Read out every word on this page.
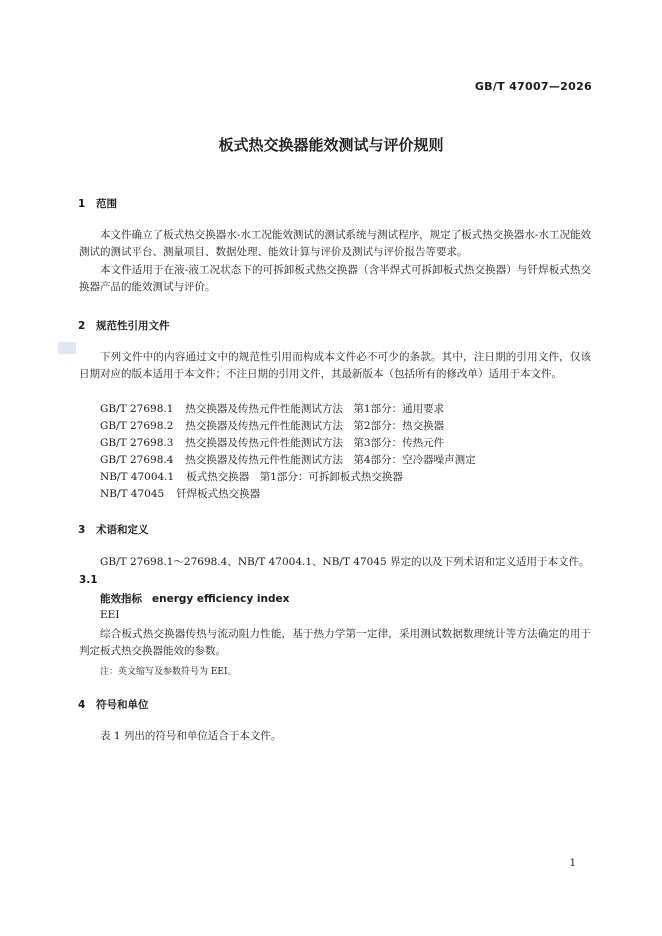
GB/T 47007—2026
板式热交换器能效测试与评价规则
1 范围
本文件确立了板式热交换器水-水工况能效测试的测试系统与测试程序，规定了板式热交换器水-水工况能效测试的测试平台、测量项目、数据处理、能效计算与评价及测试与评价报告等要求。
本文件适用于在液-液工况状态下的可拆卸板式热交换器（含半焊式可拆卸板式热交换器）与钎焊板式热交换器产品的能效测试与评价。
2 规范性引用文件
下列文件中的内容通过文中的规范性引用而构成本文件必不可少的条款。其中，注日期的引用文件，仅该日期对应的版本适用于本文件；不注日期的引用文件，其最新版本（包括所有的修改单）适用于本文件。
GB/T 27698.1 热交换器及传热元件性能测试方法　第1部分：通用要求
GB/T 27698.2 热交换器及传热元件性能测试方法　第2部分：热交换器
GB/T 27698.3 热交换器及传热元件性能测试方法　第3部分：传热元件
GB/T 27698.4 热交换器及传热元件性能测试方法　第4部分：空冷器噪声测定
NB/T 47004.1 板式热交换器　第1部分：可拆卸板式热交换器
NB/T 47045 钎焊板式热交换器
3 术语和定义
GB/T 27698.1～27698.4、NB/T 47004.1、NB/T 47045 界定的以及下列术语和定义适用于本文件。
3.1
能效指标 energy efficiency index
EEI
综合板式热交换器传热与流动阻力性能，基于热力学第一定律，采用测试数据数理统计等方法确定的用于判定板式热交换器能效的参数。
注：英文缩写及参数符号为 EEI。
4 符号和单位
表 1 列出的符号和单位适合于本文件。
1
